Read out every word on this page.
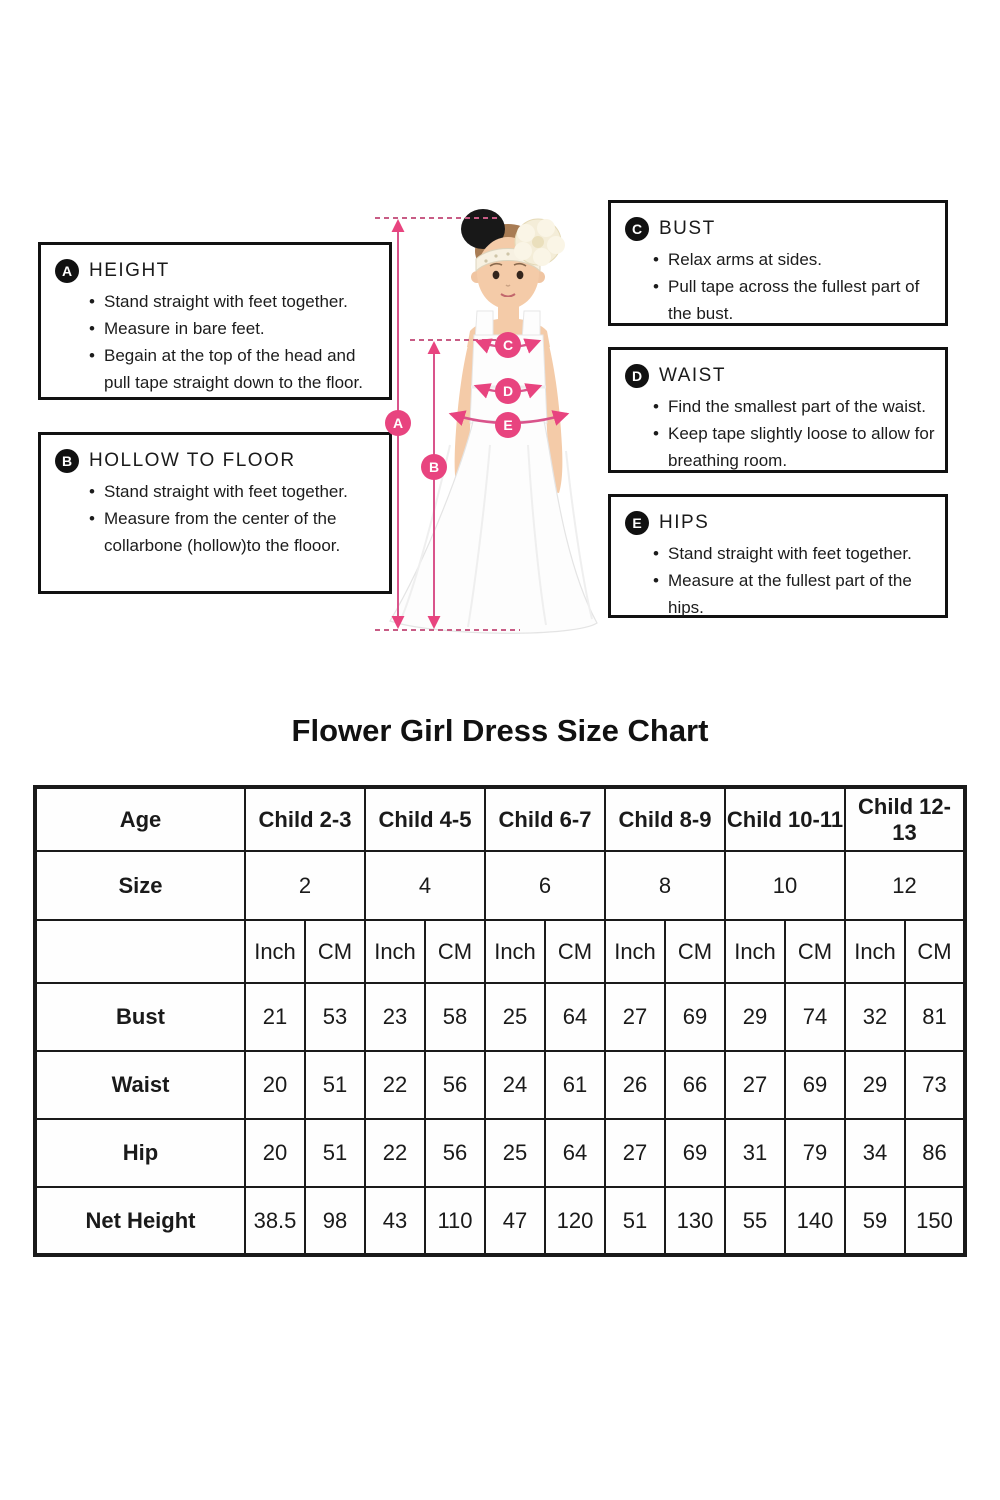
A HEIGHT
• Stand straight with feet together.
• Measure in bare feet.
• Begain at the top of the head and pull tape straight down to the floor.
B HOLLOW TO FLOOR
• Stand straight with feet together.
• Measure from the center of the collarbone (hollow)to the flooor.
C BUST
• Relax arms at sides.
• Pull tape across the fullest part of the bust.
D WAIST
• Find the smallest part of the waist.
• Keep tape slightly loose to allow for breathing room.
E HIPS
• Stand straight with feet together.
• Measure at the fullest part of the hips.
A
B
C
D
E
Flower Girl Dress Size Chart
Age	Child 2-3		Child 4-5		Child 6-7		Child 8-9		Child 10-11		Child 12-13	
Size	2		4		6		8		10		12	
	Inch	CM	Inch	CM	Inch	CM	Inch	CM	Inch	CM	Inch	CM
Bust	21	53	23	58	25	64	27	69	29	74	32	81
Waist	20	51	22	56	24	61	26	66	27	69	29	73
Hip	20	51	22	56	25	64	27	69	31	79	34	86
Net Height	38.5	98	43	110	47	120	51	130	55	140	59	150
